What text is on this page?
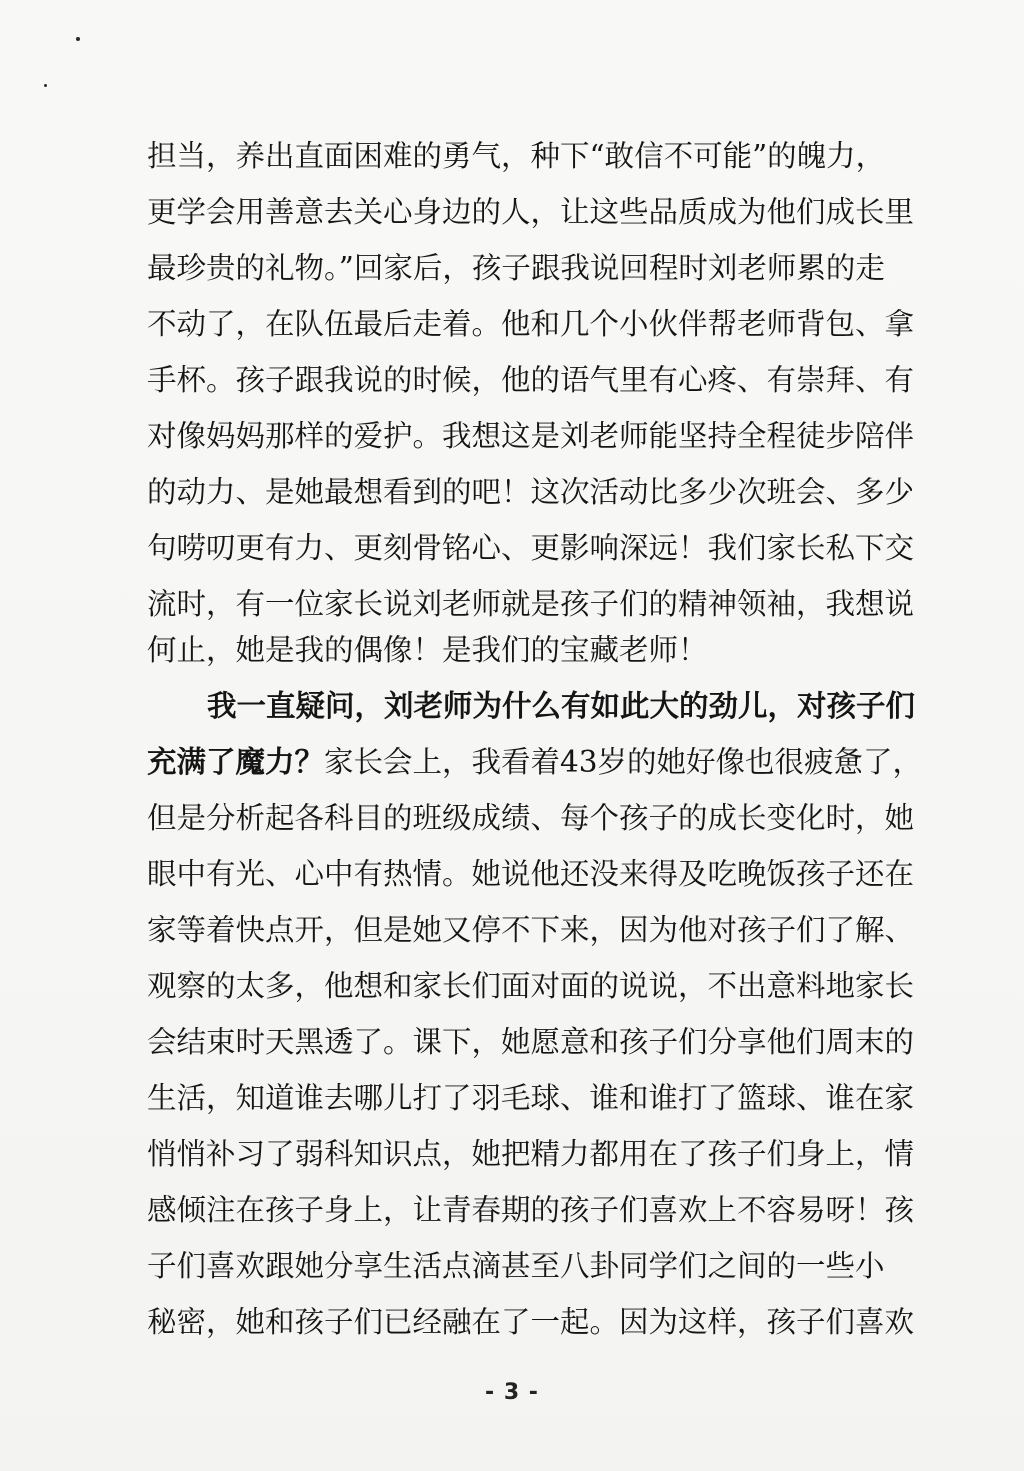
担当，养出直面困难的勇气，种下“敢信不可能”的魄力，
更学会用善意去关心身边的人，让这些品质成为他们成长里
最珍贵的礼物。”回家后，孩子跟我说回程时刘老师累的走
不动了，在队伍最后走着。他和几个小伙伴帮老师背包、拿
手杯。孩子跟我说的时候，他的语气里有心疼、有崇拜、有
对像妈妈那样的爱护。我想这是刘老师能坚持全程徒步陪伴
的动力、是她最想看到的吧！这次活动比多少次班会、多少
句唠叨更有力、更刻骨铭心、更影响深远！我们家长私下交
流时，有一位家长说刘老师就是孩子们的精神领袖，我想说
何止，她是我的偶像！是我们的宝藏老师！
我一直疑问，刘老师为什么有如此大的劲儿，对孩子们
充满了魔力？家长会上，我看着43岁的她好像也很疲惫了，
但是分析起各科目的班级成绩、每个孩子的成长变化时，她
眼中有光、心中有热情。她说他还没来得及吃晚饭孩子还在
家等着快点开，但是她又停不下来，因为他对孩子们了解、
观察的太多，他想和家长们面对面的说说，不出意料地家长
会结束时天黑透了。课下，她愿意和孩子们分享他们周末的
生活，知道谁去哪儿打了羽毛球、谁和谁打了篮球、谁在家
悄悄补习了弱科知识点，她把精力都用在了孩子们身上，情
感倾注在孩子身上，让青春期的孩子们喜欢上不容易呀！孩
子们喜欢跟她分享生活点滴甚至八卦同学们之间的一些小
秘密，她和孩子们已经融在了一起。因为这样，孩子们喜欢
- 3 -
